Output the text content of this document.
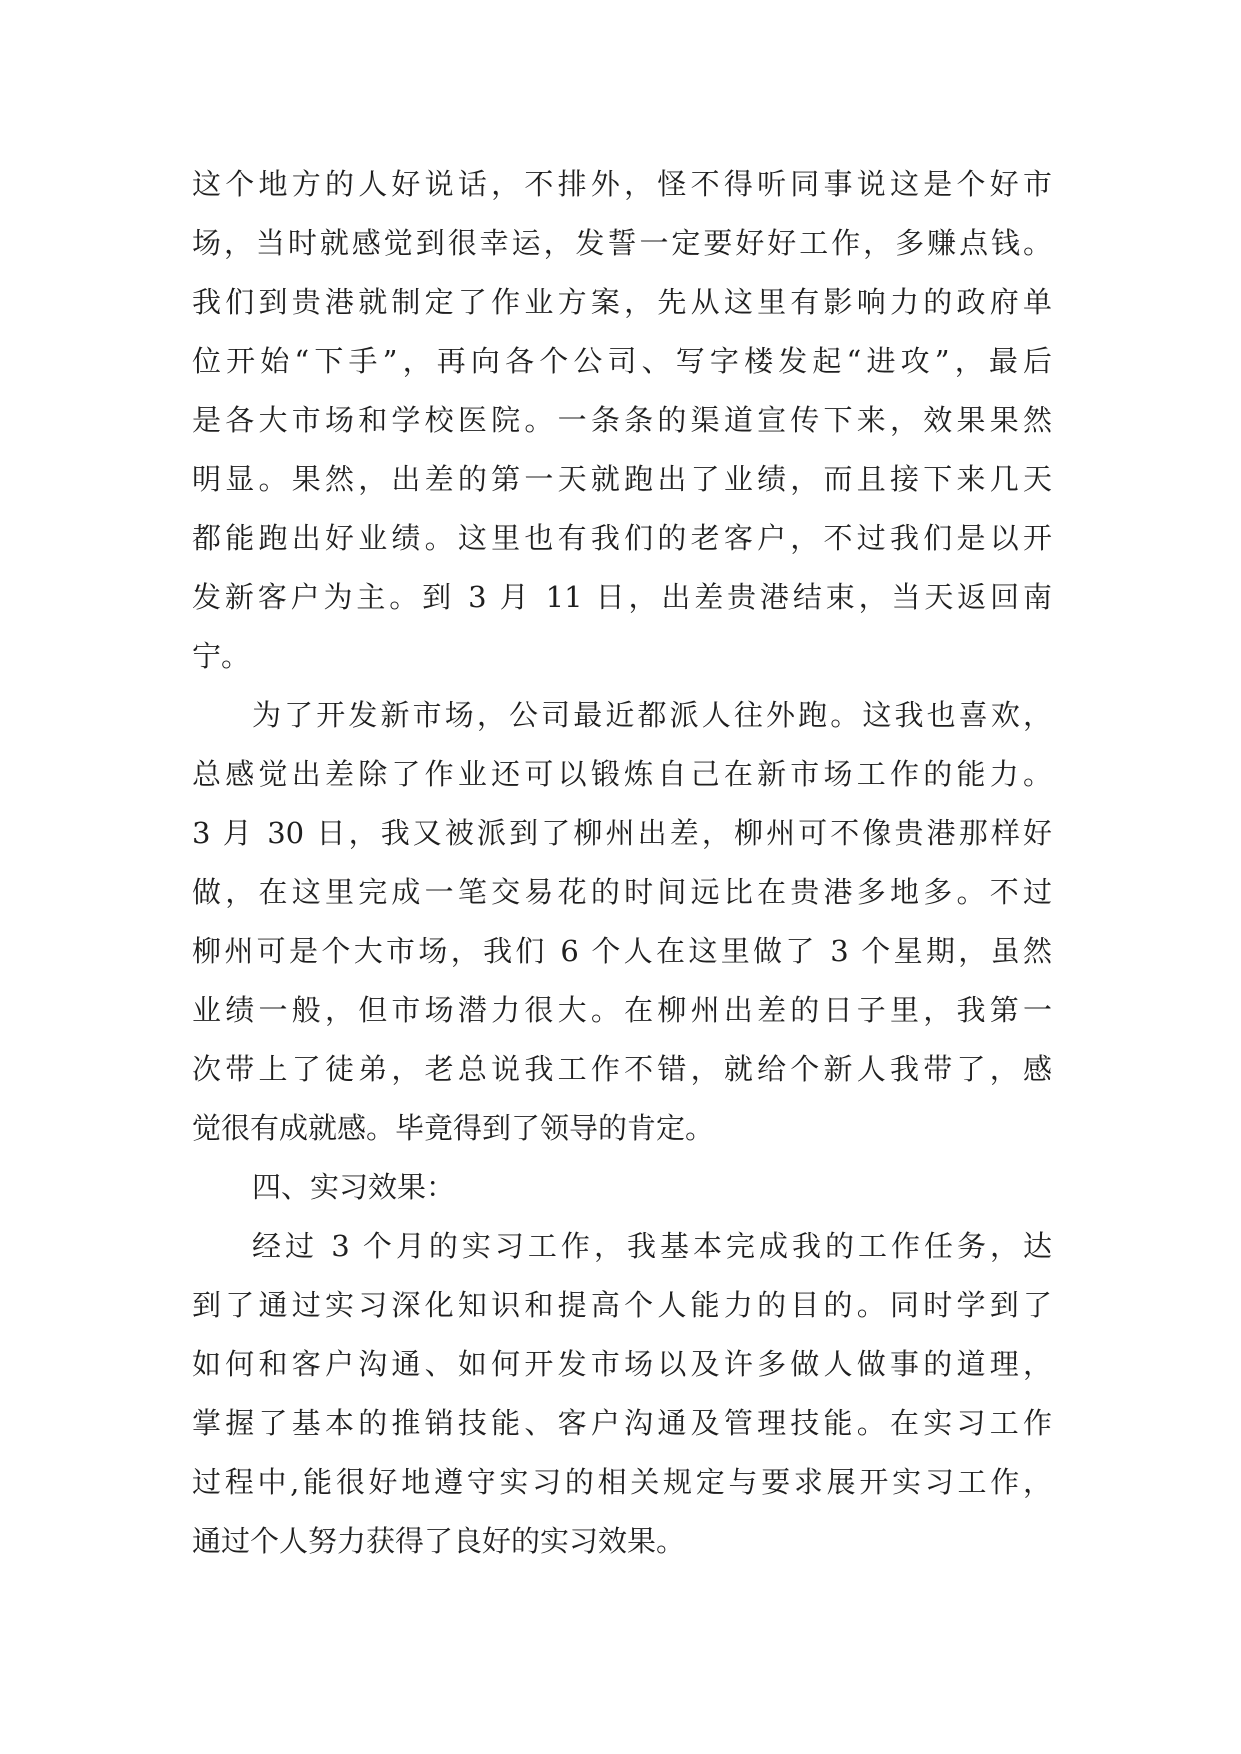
这个地方的人好说话，不排外，怪不得听同事说这是个好市
场，当时就感觉到很幸运，发誓一定要好好工作，多赚点钱。
我们到贵港就制定了作业方案，先从这里有影响力的政府单
位开始“下手”，再向各个公司、写字楼发起“进攻”，最后
是各大市场和学校医院。一条条的渠道宣传下来，效果果然
明显。果然，出差的第一天就跑出了业绩，而且接下来几天
都能跑出好业绩。这里也有我们的老客户，不过我们是以开
发新客户为主。到 3 月 11 日，出差贵港结束，当天返回南
宁。
为了开发新市场，公司最近都派人往外跑。这我也喜欢，
总感觉出差除了作业还可以锻炼自己在新市场工作的能力。
3 月 30 日，我又被派到了柳州出差，柳州可不像贵港那样好
做，在这里完成一笔交易花的时间远比在贵港多地多。不过
柳州可是个大市场，我们 6 个人在这里做了 3 个星期，虽然
业绩一般，但市场潜力很大。在柳州出差的日子里，我第一
次带上了徒弟，老总说我工作不错，就给个新人我带了，感
觉很有成就感。毕竟得到了领导的肯定。
四、实习效果：
经过 3 个月的实习工作，我基本完成我的工作任务，达
到了通过实习深化知识和提高个人能力的目的。同时学到了
如何和客户沟通、如何开发市场以及许多做人做事的道理，
掌握了基本的推销技能、客户沟通及管理技能。在实习工作
过程中,能很好地遵守实习的相关规定与要求展开实习工作，
通过个人努力获得了良好的实习效果。
